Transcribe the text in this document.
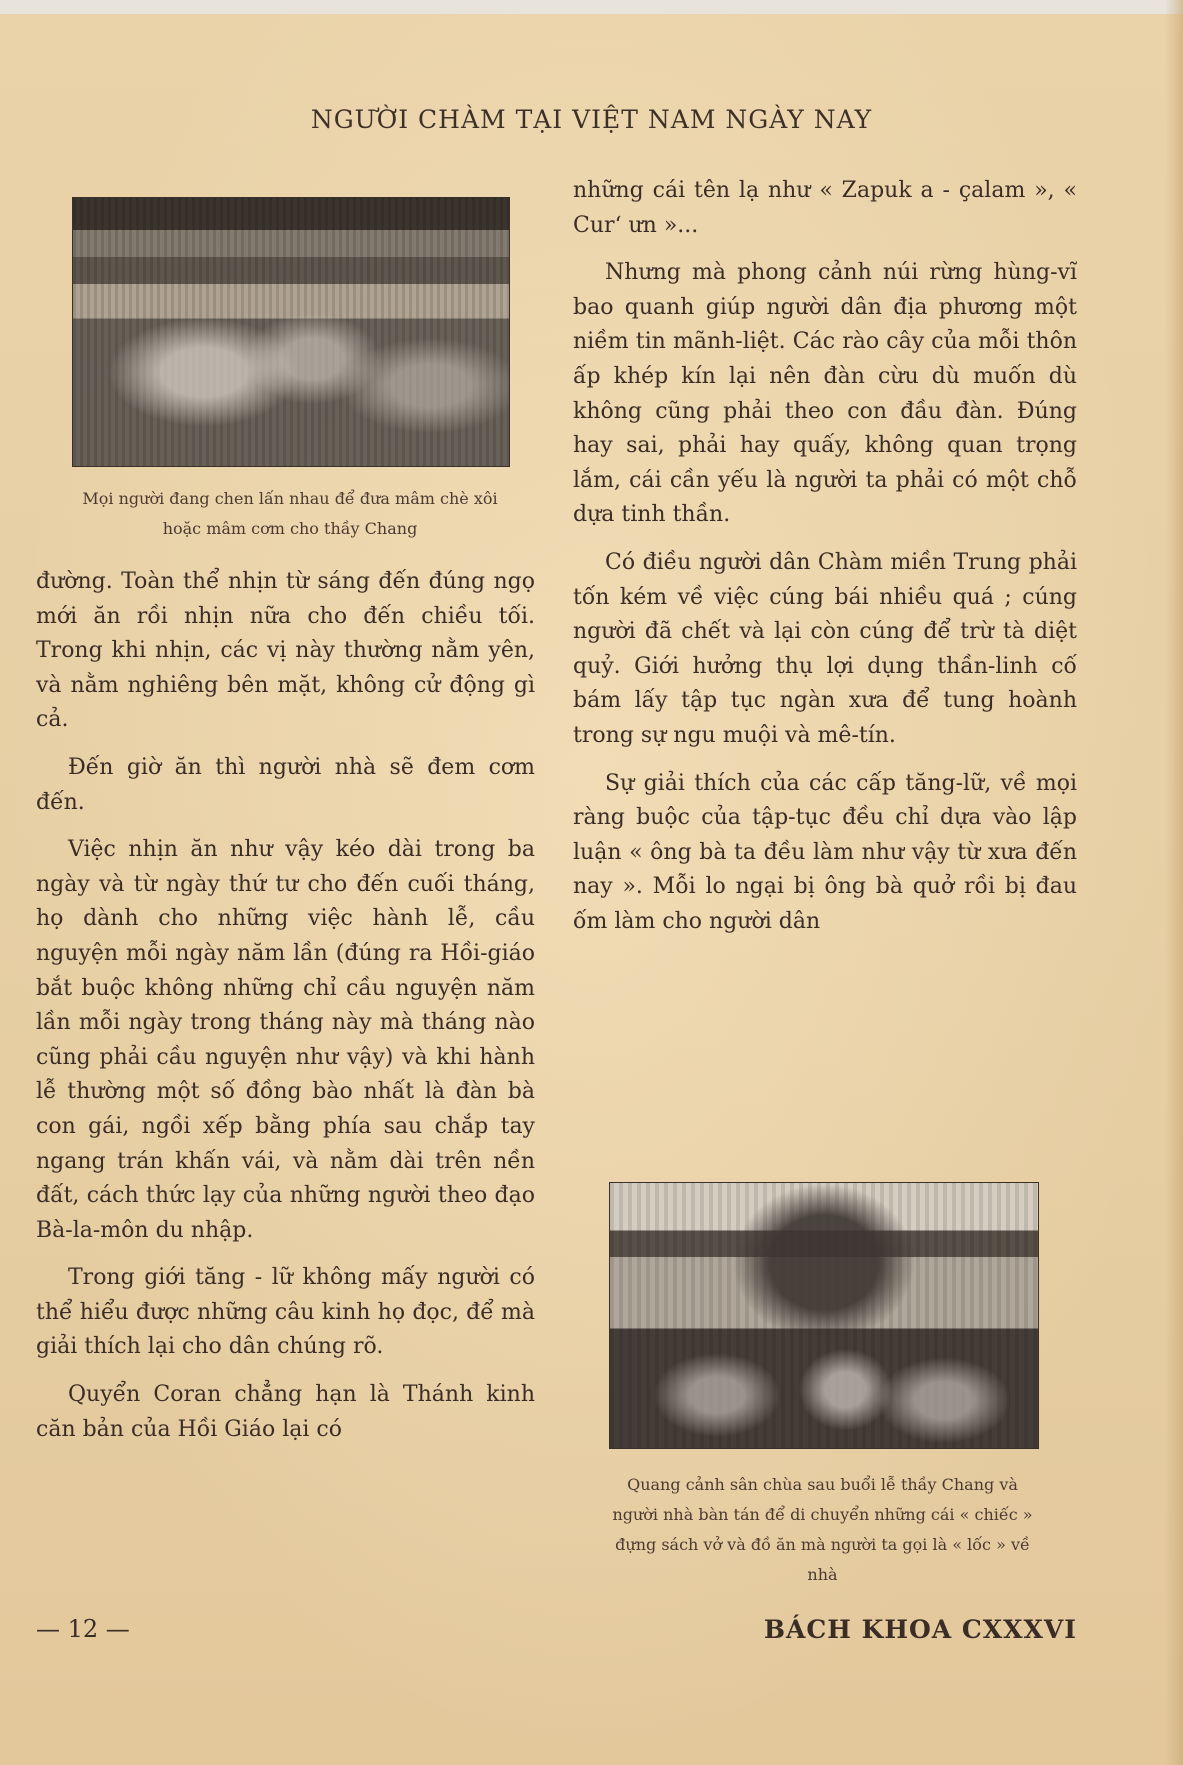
NGƯỜI CHÀM TẠI VIỆT NAM NGÀY NAY
Mọi người đang chen lấn nhau để đưa mâm chè xôi hoặc mâm cơm cho thầy Chang

đường. Toàn thể nhịn từ sáng đến đúng ngọ mới ăn rồi nhịn nữa cho đến chiều tối. Trong khi nhịn, các vị này thường nằm yên, và nằm nghiêng bên mặt, không cử động gì cả.

Đến giờ ăn thì người nhà sẽ đem cơm đến.

Việc nhịn ăn như vậy kéo dài trong ba ngày và từ ngày thứ tư cho đến cuối tháng, họ dành cho những việc hành lễ, cầu nguyện mỗi ngày năm lần (đúng ra Hồi-giáo bắt buộc không những chỉ cầu nguyện năm lần mỗi ngày trong tháng này mà tháng nào cũng phải cầu nguyện như vậy) và khi hành lễ thường một số đồng bào nhất là đàn bà con gái, ngồi xếp bằng phía sau chắp tay ngang trán khấn vái, và nằm dài trên nền đất, cách thức lạy của những người theo đạo Bà-la-môn du nhập.

Trong giới tăng - lữ không mấy người có thể hiểu được những câu kinh họ đọc, để mà giải thích lại cho dân chúng rõ.

Quyển Coran chẳng hạn là Thánh kinh căn bản của Hồi Giáo lại có

những cái tên lạ như « Zapuk a - çalam », « Cur‘ ưn »...

Nhưng mà phong cảnh núi rừng hùng-vĩ bao quanh giúp người dân địa phương một niềm tin mãnh-liệt. Các rào cây của mỗi thôn ấp khép kín lại nên đàn cừu dù muốn dù không cũng phải theo con đầu đàn. Đúng hay sai, phải hay quấy, không quan trọng lắm, cái cần yếu là người ta phải có một chỗ dựa tinh thần.

Có điều người dân Chàm miền Trung phải tốn kém về việc cúng bái nhiều quá ; cúng người đã chết và lại còn cúng để trừ tà diệt quỷ. Giới hưởng thụ lợi dụng thần-linh cố bám lấy tập tục ngàn xưa để tung hoành trong sự ngu muội và mê-tín.

Sự giải thích của các cấp tăng-lữ, về mọi ràng buộc của tập-tục đều chỉ dựa vào lập luận « ông bà ta đều làm như vậy từ xưa đến nay ». Mỗi lo ngại bị ông bà quở rồi bị đau ốm làm cho người dân

Quang cảnh sân chùa sau buổi lễ thầy Chang và người nhà bàn tán để di chuyển những cái « chiếc » đựng sách vở và đồ ăn mà người ta gọi là « lốc » về nhà
— 12 —	BÁCH KHOA CXXXVI
